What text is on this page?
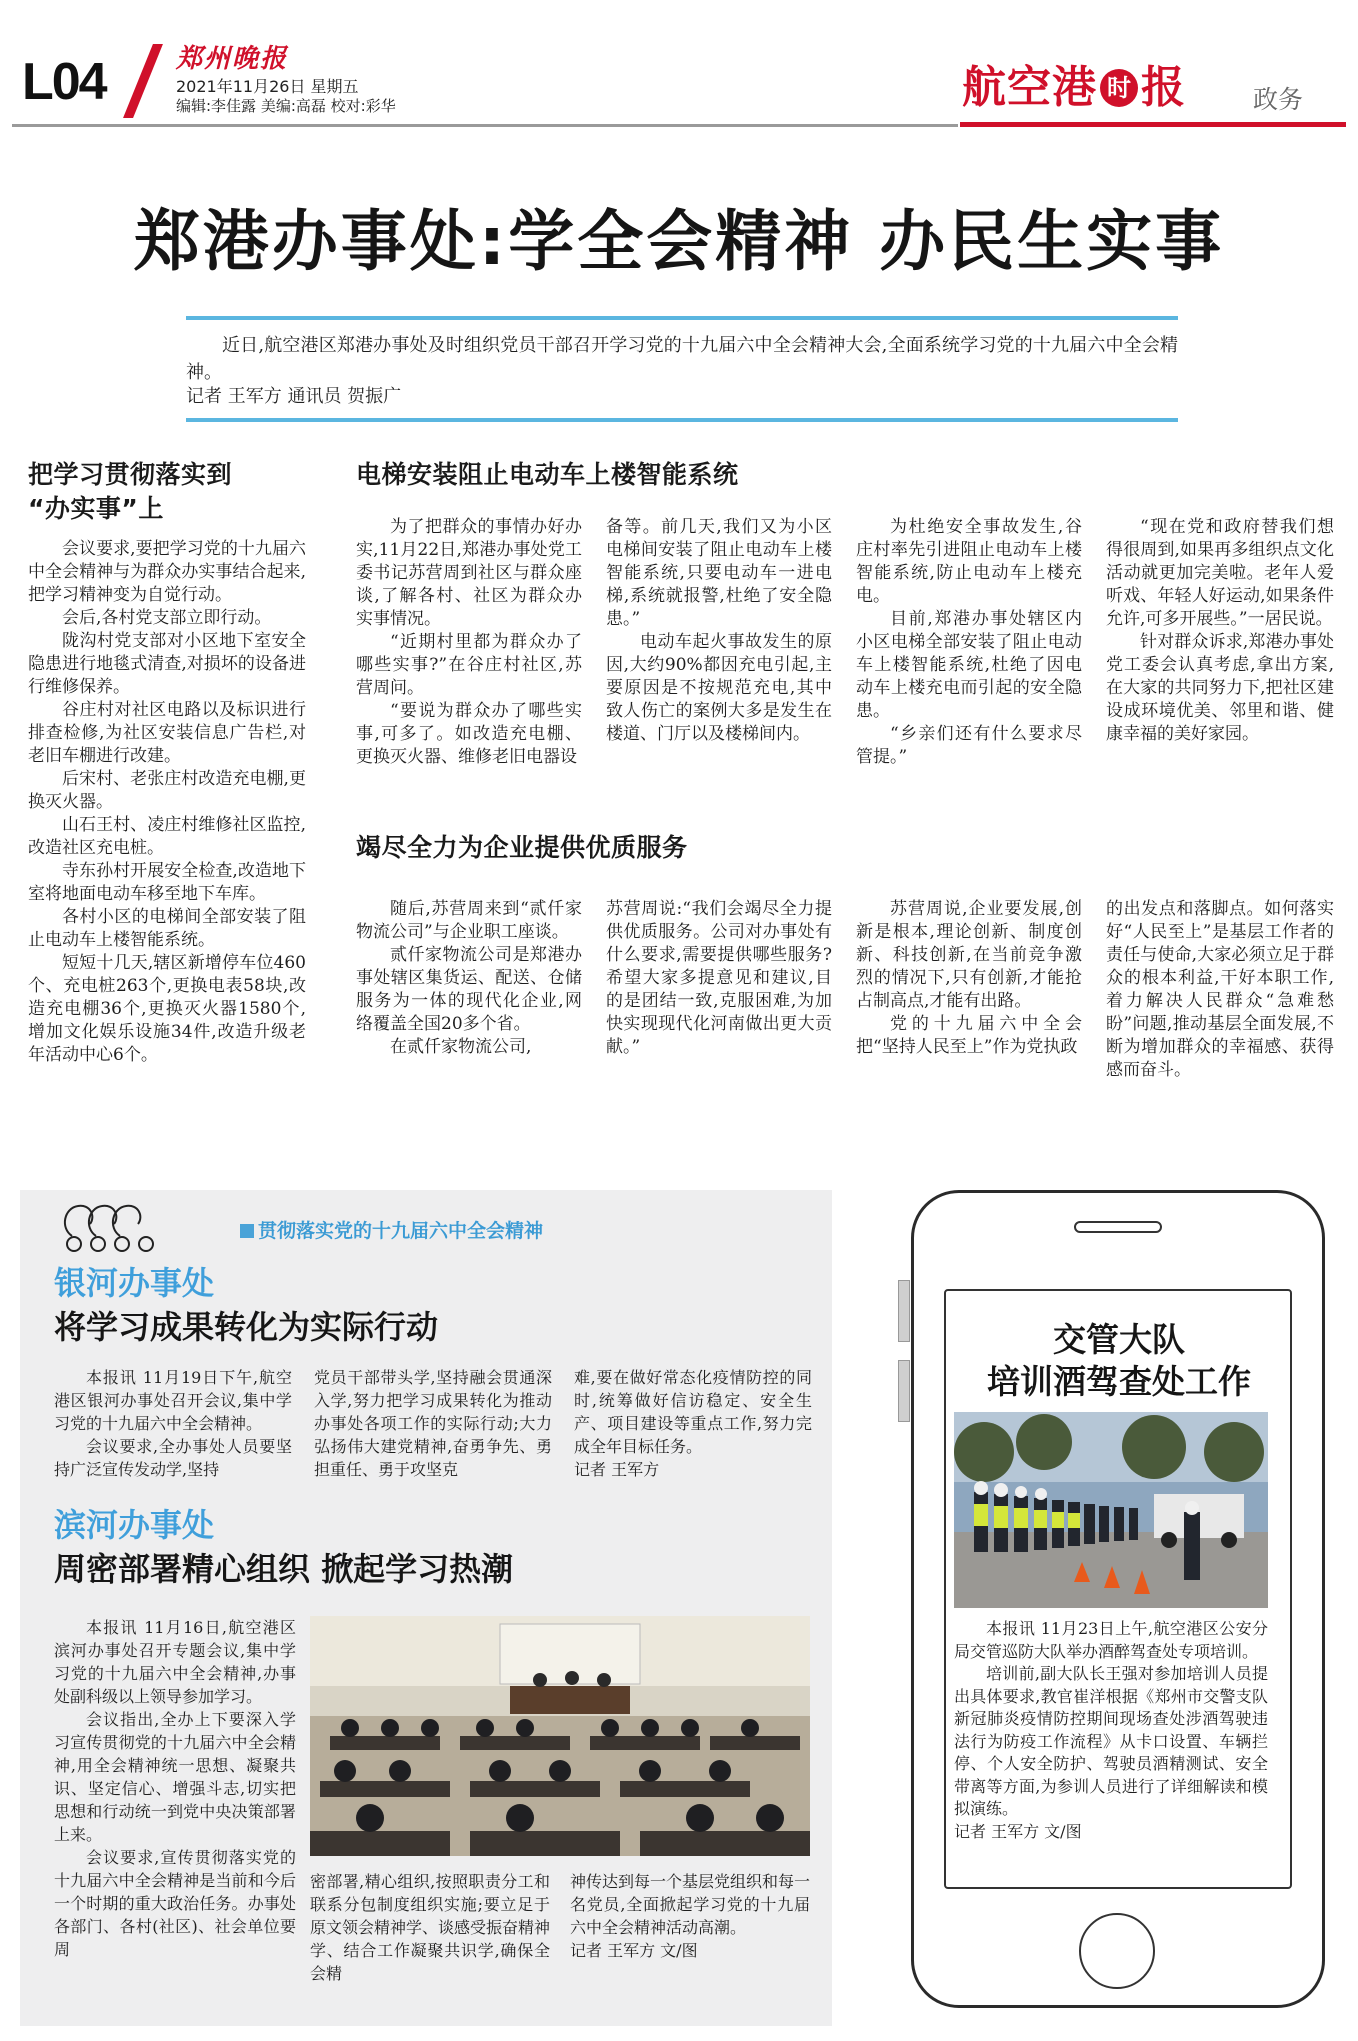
L04	郑州晚报
2021年11月26日 星期五
编辑:李佳露 美编:高磊 校对:彩华	航空港 时 报	政务
郑港办事处:学全会精神 办民生实事
近日,航空港区郑港办事处及时组织党员干部召开学习党的十九届六中全会精神大会,全面系统学习党的十九届六中全会精神。
记者 王军方 通讯员 贺振广
把学习贯彻落实到
“办实事”上

会议要求,要把学习党的十九届六中全会精神与为群众办实事结合起来,把学习精神变为自觉行动。

会后,各村党支部立即行动。

陇沟村党支部对小区地下室安全隐患进行地毯式清查,对损坏的设备进行维修保养。

谷庄村对社区电路以及标识进行排查检修,为社区安装信息广告栏,对老旧车棚进行改建。

后宋村、老张庄村改造充电棚,更换灭火器。

山石王村、凌庄村维修社区监控,改造社区充电桩。

寺东孙村开展安全检查,改造地下室将地面电动车移至地下车库。

各村小区的电梯间全部安装了阻止电动车上楼智能系统。

短短十几天,辖区新增停车位460个、充电桩263个,更换电表58块,改造充电棚36个,更换灭火器1580个,增加文化娱乐设施34件,改造升级老年活动中心6个。

电梯安装阻止电动车上楼智能系统

为了把群众的事情办好办实,11月22日,郑港办事处党工委书记苏营周到社区与群众座谈,了解各村、社区为群众办实事情况。

“近期村里都为群众办了哪些实事?”在谷庄村社区,苏营周问。

“要说为群众办了哪些实事,可多了。如改造充电棚、更换灭火器、维修老旧电器设

备等。前几天,我们又为小区电梯间安装了阻止电动车上楼智能系统,只要电动车一进电梯,系统就报警,杜绝了安全隐患。”

电动车起火事故发生的原因,大约90%都因充电引起,主要原因是不按规范充电,其中致人伤亡的案例大多是发生在楼道、门厅以及楼梯间内。

为杜绝安全事故发生,谷庄村率先引进阻止电动车上楼智能系统,防止电动车上楼充电。

目前,郑港办事处辖区内小区电梯全部安装了阻止电动车上楼智能系统,杜绝了因电动车上楼充电而引起的安全隐患。

“乡亲们还有什么要求尽管提。”

“现在党和政府替我们想得很周到,如果再多组织点文化活动就更加完美啦。老年人爱听戏、年轻人好运动,如果条件允许,可多开展些。”一居民说。

针对群众诉求,郑港办事处党工委会认真考虑,拿出方案,在大家的共同努力下,把社区建设成环境优美、邻里和谐、健康幸福的美好家园。

竭尽全力为企业提供优质服务

随后,苏营周来到“贰仟家物流公司”与企业职工座谈。

贰仟家物流公司是郑港办事处辖区集货运、配送、仓储服务为一体的现代化企业,网络覆盖全国20多个省。

在贰仟家物流公司,

苏营周说:“我们会竭尽全力提供优质服务。公司对办事处有什么要求,需要提供哪些服务?希望大家多提意见和建议,目的是团结一致,克服困难,为加快实现现代化河南做出更大贡献。”

苏营周说,企业要发展,创新是根本,理论创新、制度创新、科技创新,在当前竞争激烈的情况下,只有创新,才能抢占制高点,才能有出路。

党的十九届六中全会把“坚持人民至上”作为党执政

的出发点和落脚点。如何落实好“人民至上”是基层工作者的责任与使命,大家必须立足于群众的根本利益,干好本职工作,着力解决人民群众“急难愁盼”问题,推动基层全面发展,不断为增加群众的幸福感、获得感而奋斗。

贯彻落实党的十九届六中全会精神
银河办事处
将学习成果转化为实际行动

本报讯 11月19日下午,航空港区银河办事处召开会议,集中学习党的十九届六中全会精神。

会议要求,全办事处人员要坚持广泛宣传发动学,坚持

党员干部带头学,坚持融会贯通深入学,努力把学习成果转化为推动办事处各项工作的实际行动;大力弘扬伟大建党精神,奋勇争先、勇担重任、勇于攻坚克

难,要在做好常态化疫情防控的同时,统筹做好信访稳定、安全生产、项目建设等重点工作,努力完成全年目标任务。

记者 王军方

滨河办事处
周密部署精心组织 掀起学习热潮

本报讯 11月16日,航空港区滨河办事处召开专题会议,集中学习党的十九届六中全会精神,办事处副科级以上领导参加学习。

会议指出,全办上下要深入学习宣传贯彻党的十九届六中全会精神,用全会精神统一思想、凝聚共识、坚定信心、增强斗志,切实把思想和行动统一到党中央决策部署上来。

会议要求,宣传贯彻落实党的十九届六中全会精神是当前和今后一个时期的重大政治任务。办事处各部门、各村(社区)、社会单位要周

密部署,精心组织,按照职责分工和联系分包制度组织实施;要立足于原文领会精神学、谈感受振奋精神学、结合工作凝聚共识学,确保全会精

神传达到每一个基层党组织和每一名党员,全面掀起学习党的十九届六中全会精神活动高潮。

记者 王军方 文/图

交管大队
培训酒驾查处工作

本报讯 11月23日上午,航空港区公安分局交管巡防大队举办酒醉驾查处专项培训。

培训前,副大队长王强对参加培训人员提出具体要求,教官崔洋根据《郑州市交警支队新冠肺炎疫情防控期间现场查处涉酒驾驶违法行为防疫工作流程》从卡口设置、车辆拦停、个人安全防护、驾驶员酒精测试、安全带离等方面,为参训人员进行了详细解读和模拟演练。

记者 王军方 文/图
